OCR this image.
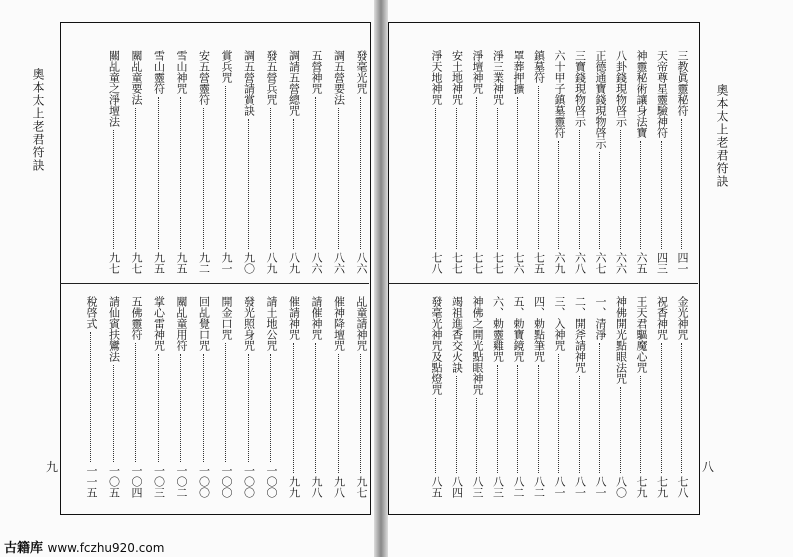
奧本太上老君符訣	奧本太上老君符訣
九	八
三教眞靈秘符
四一
天帝尊星靈驗神符
四三
神靈秘術讓身法寶
六五
八卦錢現物啓示
六六
正德通寶錢現物啓示
六七
三寶錢現物啓示
六八
六十甲子鎮墓靈符
六九
鎮墓符
七五
罩葬押擴
七六
淨三業神咒
七七
淨壇神咒
七七
安土地神咒
七七
淨天地神咒
七八
金光神咒
七八
祝香神咒
七九
王天君驅魔心咒
七九
神佛開光點眼法咒
八〇
一、清淨
八一
二、開斧請神咒
八一
三、入神咒
八一
四、勅點筆咒
八二
五、勅寶鏡咒
八二
六、勅靈雞咒
八三
神佛之開光點眼神咒
八三
竭祖進香交火訣
八四
發毫光神咒及點燈咒
八五
發毫光咒
八六
調五營要法
八六
五營神咒
八六
調請五營總咒
八九
發五營兵咒
八九
調五營請賞訣
九〇
賞兵咒
九一
安五營靈符
九二
雪山神咒
九五
雪山靈符
九五
關乩童要法
九七
關乩童之淨壇法
九七
乩童請神咒
九七
催神降壇咒
九八
請催神咒
九八
催請神咒
九九
請土地公咒
一〇〇
發光照身咒
一〇〇
開金口咒
一〇〇
回乩覺口咒
一〇〇
關乩童用符
一〇二
掌心雷神咒
一〇三
五佛靈符
一〇四
請仙賓扶鸞法
一〇五
稅啓式
一一五
古籍库 www.fczhu920.com
